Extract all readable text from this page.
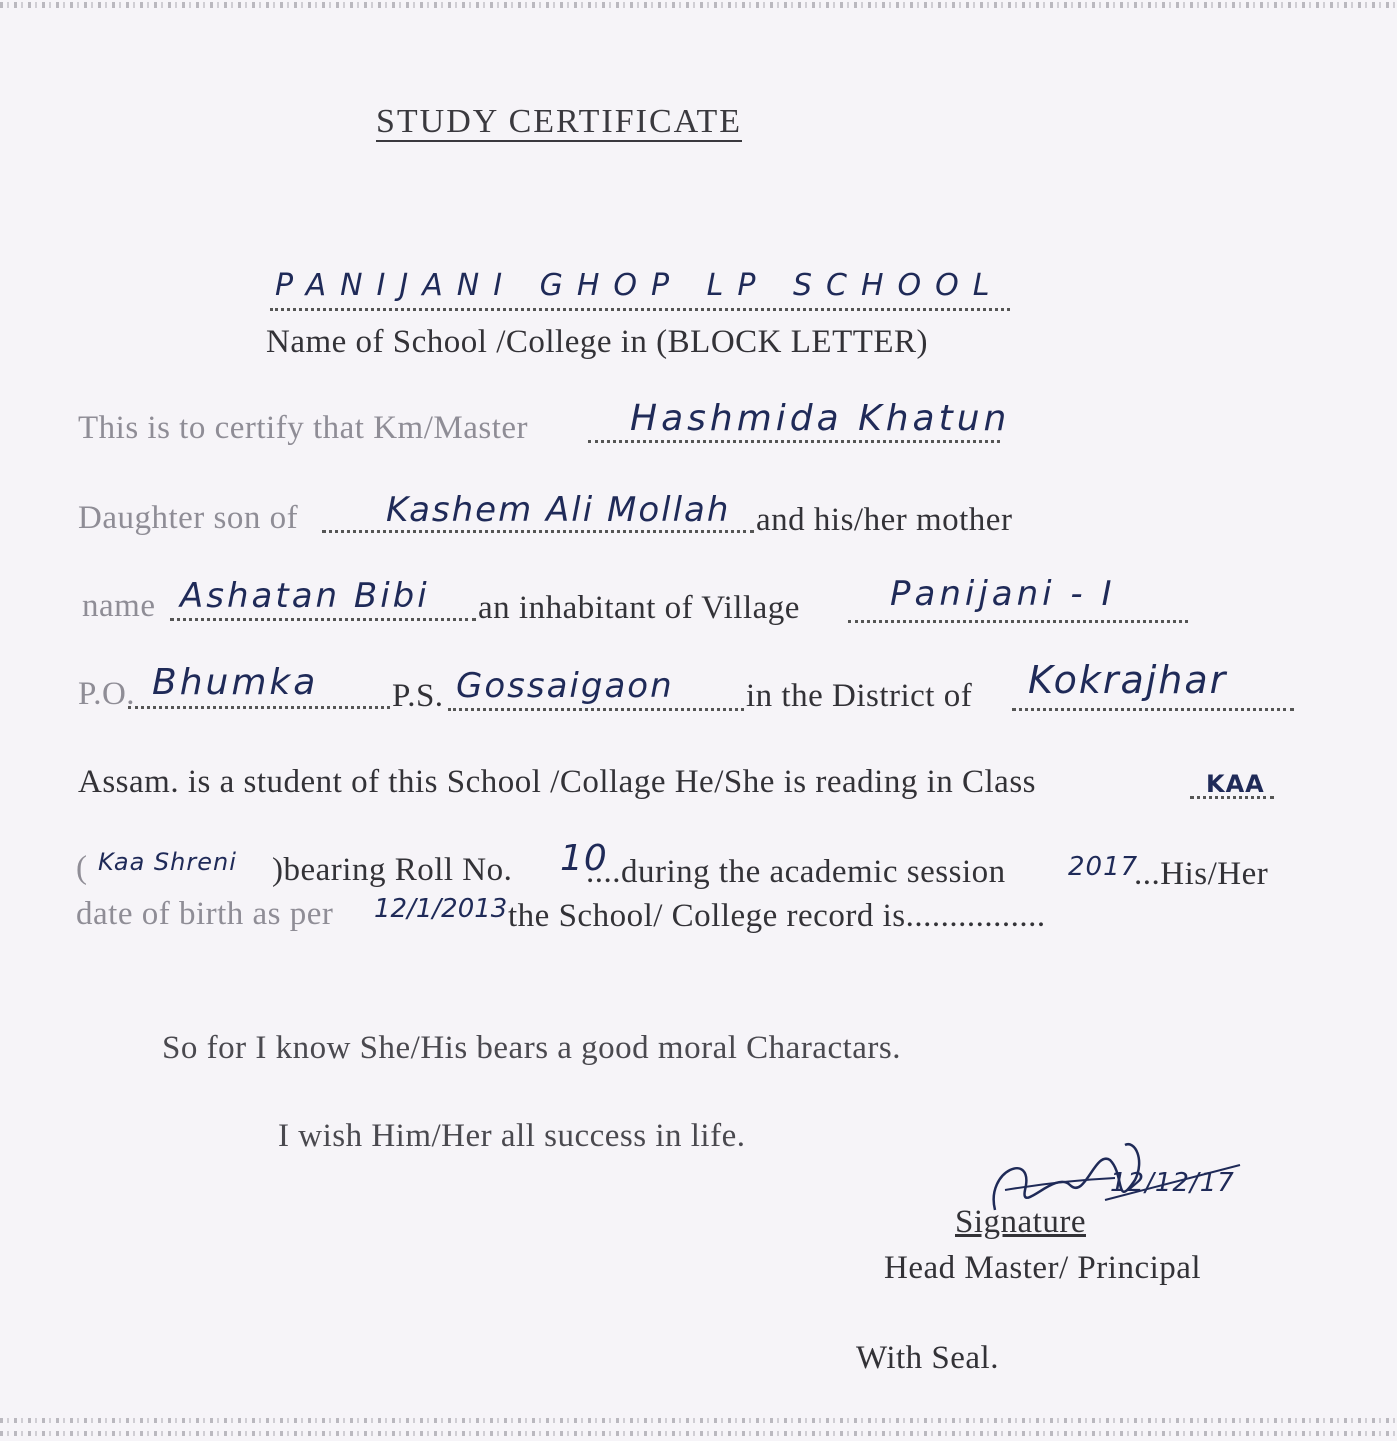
STUDY CERTIFICATE
PANIJANI GHOP LP SCHOOL
Name of School /College in (BLOCK LETTER)
This is to certify that Km/Master	Hashmida Khatun
Daughter son of	Kashem Ali Mollah and his/her mother
name Ashatan Bibi an inhabitant of Village	Panijani - I
P.O. Bhumka P.S. Gossaigaon in the District of Kokrajhar
Assam. is a student of this School /Collage He/She is reading in Class	KAA
( Kaa Shreni )bearing Roll No. 10
....during the academic session 2017
...His/Her
date of birth as per 12/1/2013 the School/ College record is................
So for I know She/His bears a good moral Charactars.
I wish Him/Her all success in life.
12/12/17
Signature
Head Master/ Principal
With Seal.
